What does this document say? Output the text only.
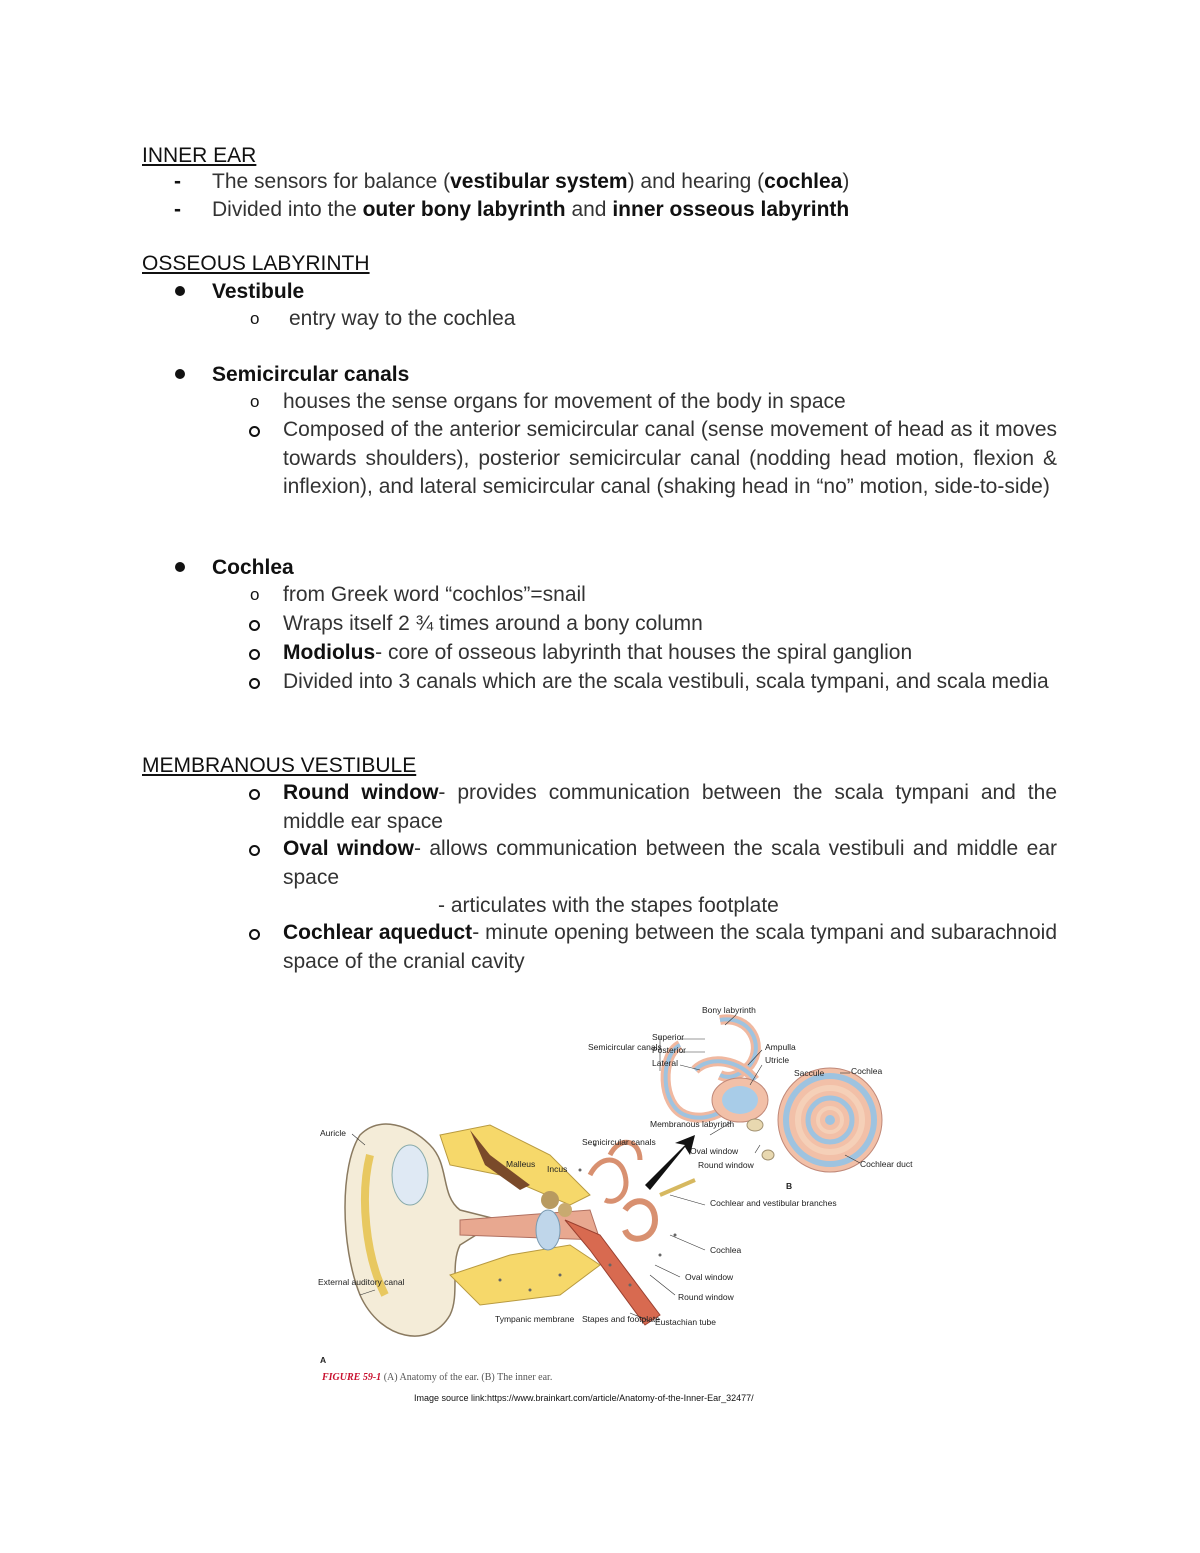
INNER EAR
- The sensors for balance (vestibular system) and hearing (cochlea)
- Divided into the outer bony labyrinth and inner osseous labyrinth
OSSEOUS LABYRINTH
Vestibule
o entry way to the cochlea
Semicircular canals
o houses the sense organs for movement of the body in space
Composed of the anterior semicircular canal (sense movement of head as it moves towards shoulders), posterior semicircular canal (nodding head motion, flexion & inflexion), and lateral semicircular canal (shaking head in “no” motion, side-to-side)
Cochlea
o from Greek word “cochlos”=snail
Wraps itself 2 ¾ times around a bony column
Modiolus- core of osseous labyrinth that houses the spiral ganglion
Divided into 3 canals which are the scala vestibuli, scala tympani, and scala media
MEMBRANOUS VESTIBULE
Round window- provides communication between the scala tympani and the middle ear space
Oval window- allows communication between the scala vestibuli and middle ear space
- articulates with the stapes footplate
Cochlear aqueduct- minute opening between the scala tympani and subarachnoid space of the cranial cavity
Bony labyrinth
Superior
Posterior
Lateral
Semicircular canals	Ampulla
Utricle
Saccule	Cochlea
Membranous labyrinth
Oval window
Round window	Cochlear duct
B
Auricle
Malleus Incus
Semicircular canals
Cochlear and vestibular branches
Cochlea
Oval window
Round window
External auditory canal
Tympanic membrane Stapes and footplate
Eustachian tube
A
FIGURE 59-1 (A) Anatomy of the ear. (B) The inner ear.
Image source link:https://www.brainkart.com/article/Anatomy-of-the-Inner-Ear_32477/
